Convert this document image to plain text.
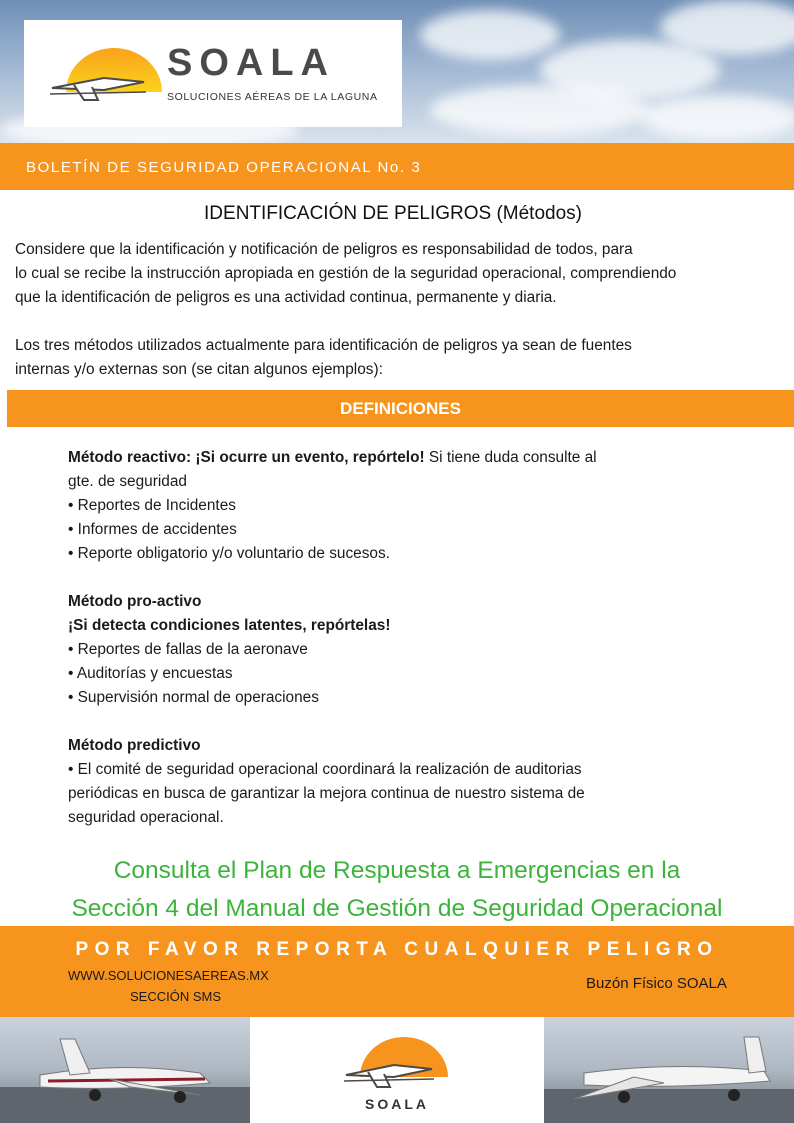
SOALA
SOLUCIONES AÉREAS DE LA LAGUNA
BOLETÍN DE SEGURIDAD OPERACIONAL No. 3
IDENTIFICACIÓN DE PELIGROS (Métodos)
Considere que la identificación y notificación de peligros es responsabilidad de todos, para
lo cual se recibe la instrucción apropiada en gestión de la seguridad operacional, comprendiendo
que la identificación de peligros es una actividad continua, permanente y diaria.
Los tres métodos utilizados actualmente para identificación de peligros ya sean de fuentes
internas y/o externas son (se citan algunos ejemplos):
DEFINICIONES

Método reactivo: ¡Si ocurre un evento, repórtelo! Si tiene duda consulte al

gte. de seguridad

• Reportes de Incidentes

• Informes de accidentes

• Reporte obligatorio y/o voluntario de sucesos.

Método pro-activo

¡Si detecta condiciones latentes, repórtelas!

• Reportes de fallas de la aeronave

• Auditorías y encuestas

• Supervisión normal de operaciones

Método predictivo

• El comité de seguridad operacional coordinará la realización de auditorias

periódicas en busca de garantizar la mejora continua de nuestro sistema de

seguridad operacional.

Consulta el Plan de Respuesta a Emergencias en la
Sección 4 del Manual de Gestión de Seguridad Operacional
POR FAVOR REPORTA CUALQUIER PELIGRO
WWW.SOLUCIONESAEREAS.MX
SECCIÓN SMS
Buzón Físico SOALA
SOALA
